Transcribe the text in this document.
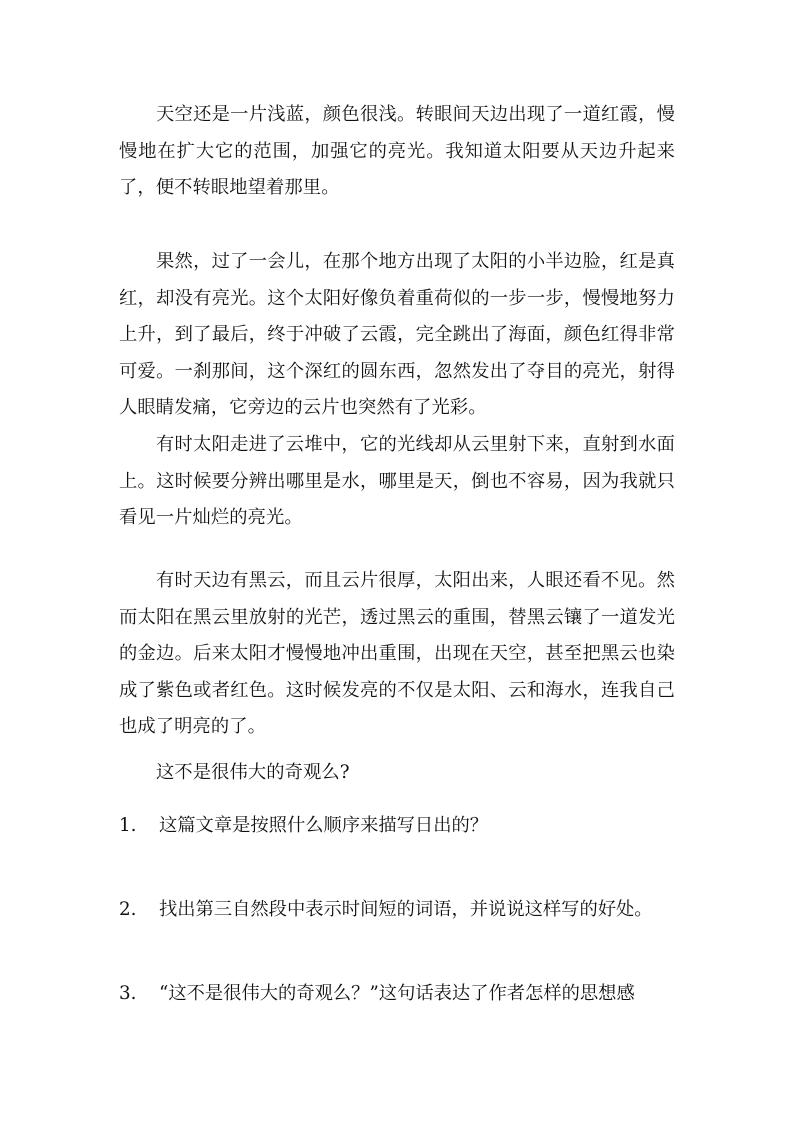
天空还是一片浅蓝，颜色很浅。转眼间天边出现了一道红霞，慢慢地在扩大它的范围，加强它的亮光。我知道太阳要从天边升起来了，便不转眼地望着那里。

果然，过了一会儿，在那个地方出现了太阳的小半边脸，红是真红，却没有亮光。这个太阳好像负着重荷似的一步一步，慢慢地努力上升，到了最后，终于冲破了云霞，完全跳出了海面，颜色红得非常可爱。一刹那间，这个深红的圆东西，忽然发出了夺目的亮光，射得人眼睛发痛，它旁边的云片也突然有了光彩。

有时太阳走进了云堆中，它的光线却从云里射下来，直射到水面上。这时候要分辨出哪里是水，哪里是天，倒也不容易，因为我就只看见一片灿烂的亮光。

有时天边有黑云，而且云片很厚，太阳出来，人眼还看不见。然而太阳在黑云里放射的光芒，透过黑云的重围，替黑云镶了一道发光的金边。后来太阳才慢慢地冲出重围，出现在天空，甚至把黑云也染成了紫色或者红色。这时候发亮的不仅是太阳、云和海水，连我自己也成了明亮的了。

这不是很伟大的奇观么?

1. 这篇文章是按照什么顺序来描写日出的？

2. 找出第三自然段中表示时间短的词语，并说说这样写的好处。

3. “这不是很伟大的奇观么？”这句话表达了作者怎样的思想感
